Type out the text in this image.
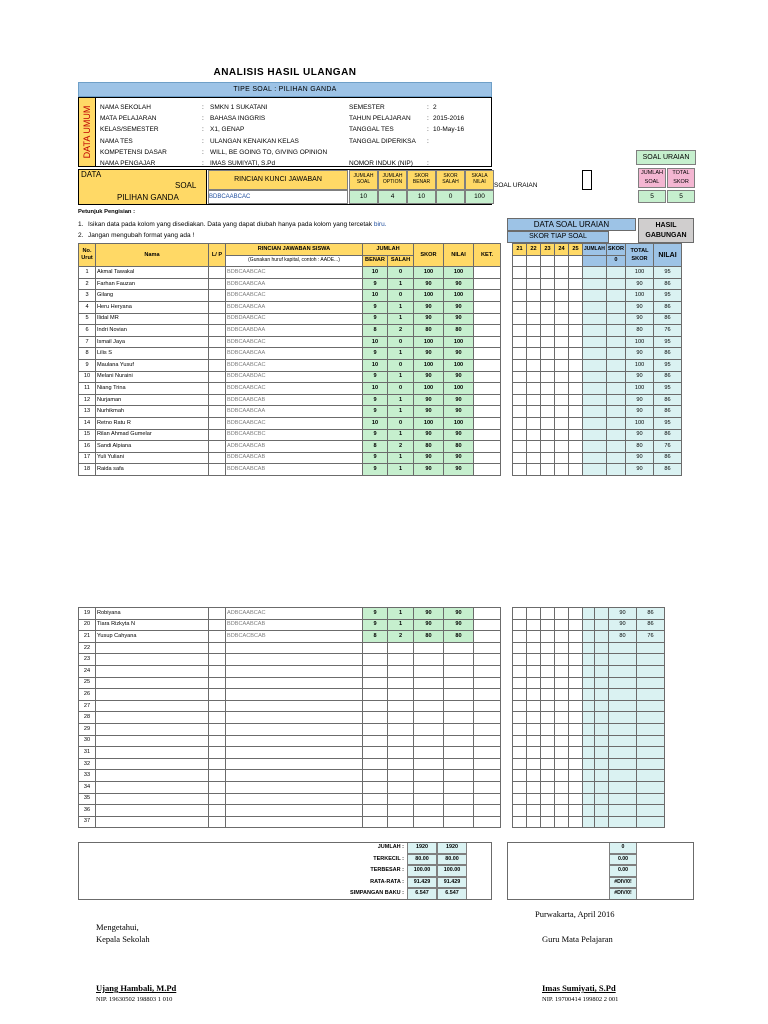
ANALISIS HASIL ULANGAN
TIPE SOAL : PILIHAN GANDA
DATA UMUM NAMA SEKOLAH	: SMKN 1 SUKATANI
MATA PELAJARAN	: BAHASA INGGRIS
KELAS/SEMESTER	: X1, GENAP
NAMA TES	: ULANGAN KENAIKAN KELAS
KOMPETENSI DASAR	: WILL, BE GOING TO, GIVING OPINION
NAMA PENGAJAR	: IMAS SUMIYATI, S.Pd
SEMESTER	: 2
TAHUN PELAJARAN	: 2015-2016
TANGGAL TES	: 10-May-16
TANGGAL DIPERIKSA :
NOMOR INDUK (NIP) :
SOAL URAIAN
JUMLAH SOAL
TOTAL SKOR
5	5
DATA
SOAL
PILIHAN GANDA
RINCIAN KUNCI JAWABAN
BDBCAABCAC
JUMLAH SOAL
JUMLAH OPTION
SKOR BENAR
SKOR SALAH
SKALA NILAI
10	4	10	0	100
SOAL URAIAN
Petunjuk Pengisian :
DATA SOAL URAIAN
SKOR TIAP SOAL
HASIL GABUNGAN
No. Urut	Nama	L/ P	RINCIAN JAWABAN SISWA	JUMLAH		SKOR	NILAI	KET.		21	22	23	24	25	JUMLAH	SKOR	TOTAL SKOR	NILAI
			(Gunakan huruf kapital, contoh : AADE...)	BENAR	SALAH											0		
1	Akmal Tawakal		BDBCAABCAC	10	0	100	100										100	95
2	Farhan Fauzan		BDBCAABCAA	9	1	90	90										90	86
3	Gilang		BDBCAABCAC	10	0	100	100										100	95
4	Heru Heryana		BDBCAABCAA	9	1	90	90										90	86
5	Ilidal MR		BDBDAABCAC	9	1	90	90										90	86
6	Indri Novian		BDBCAABDAA	8	2	80	80										80	76
7	Ismail Jaya		BDBCAABCAC	10	0	100	100										100	95
8	Lilis S		BDBCAABCAA	9	1	90	90										90	86
9	Maulana Yusuf		BDBCAABCAC	10	0	100	100										100	95
10	Melani Nuraini		BDBCAABDAC	9	1	90	90										90	86
11	Niang Trina		BDBCAABCAC	10	0	100	100										100	95
12	Nurjaman		BDBCAABCAB	9	1	90	90										90	86
13	Nurhikmah		BDBCAABCAA	9	1	90	90										90	86
14	Retno Ratu R		BDBCAABCAC	10	0	100	100										100	95
15	Rilan Ahmad Gumelar		BDBCAABCBC	9	1	90	90										90	86
16	Sandi Alpiana		ADBCAABCAB	8	2	80	80										80	76
17	Yuli Yuliani		BDBCAABCAB	9	1	90	90										90	86
18	Raida safa		BDBCAABCAB	9	1	90	90										90	86
19	Robiyana		ADBCAABCAC	9	1	90	90										90	86
20	Tiara Rizkyta N		BDBCAABCAB	9	1	90	90										90	86
21	Yusup Cahyana		BDBCACBCAB	8	2	80	80										80	76
22																		
23																		
24																		
25																		
26																		
27																		
28																		
29																		
30																		
31																		
32																		
33																		
34																		
35																		
36																		
37																		
JUMLAH :	1920	1920	0
TERKECIL :	80.00	80.00	0.00
TERBESAR :	100.00	100.00	0.00
RATA-RATA :	91.429	91.429	#DIV/0!
SIMPANGAN BAKU :	6.547	6.547	#DIV/0!
Purwakarta, April 2016
Mengetahui,
Kepala Sekolah	Guru Mata Pelajaran
Ujang Hambali, M.Pd
NIP. 19630502 198803 1 010
Imas Sumiyati, S.Pd
NIP. 19700414 199802 2 001
1. Isikan data pada kolom yang disediakan. Data yang dapat diubah hanya pada kolom yang tercetak biru.
2. Jangan mengubah format yang ada !
